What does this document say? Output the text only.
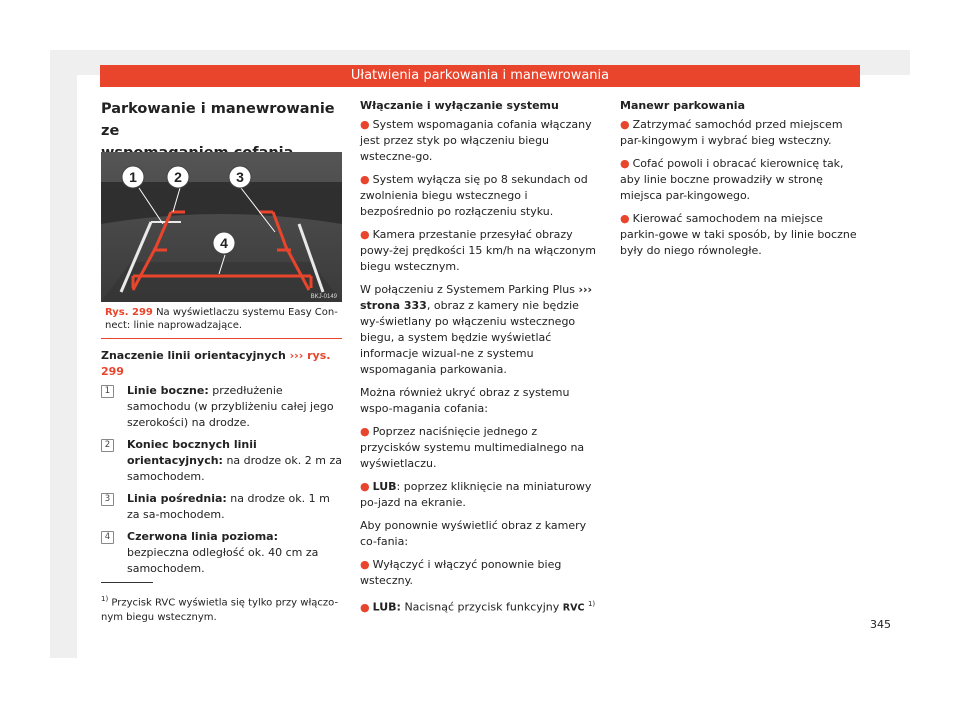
Ułatwienia parkowania i manewrowania
Parkowanie i manewrowanie ze

1	2	3
4
BKJ-0149
Rys. 299 Na wyświetlaczu systemu Easy Con-nect: linie naprowadzające.

Znaczenie linii orientacyjnych ››› rys. 299

1	Linie boczne: przedłużenie samochodu (w przybliżeniu całej jego szerokości) na drodze.
2	Koniec bocznych linii orientacyjnych: na drodze ok. 2 m za samochodem.
3	Linia pośrednia: na drodze ok. 1 m za sa-mochodem.
4	Czerwona linia pozioma: bezpieczna odległość ok. 40 cm za samochodem.
$^{1)}$ Przycisk RVC wyświetla się tylko przy włączo-nym biegu wstecznym.

Włączanie i wyłączanie systemu

● System wspomagania cofania włączany jest przez styk po włączeniu biegu wsteczne-go.

● System wyłącza się po 8 sekundach od zwolnienia biegu wstecznego i bezpośrednio po rozłączeniu styku.

● Kamera przestanie przesyłać obrazy powy-żej prędkości 15 km/h na włączonym biegu wstecznym.

W połączeniu z Systemem Parking Plus ››› strona 333, obraz z kamery nie będzie wy-świetlany po włączeniu wstecznego biegu, a system będzie wyświetlać informacje wizual-ne z systemu wspomagania parkowania.

Można również ukryć obraz z systemu wspo-magania cofania:

● Poprzez naciśnięcie jednego z przycisków systemu multimedialnego na wyświetlaczu.

● LUB: poprzez kliknięcie na miniaturowy po-jazd na ekranie.

Aby ponownie wyświetlić obraz z kamery co-fania:

● Wyłączyć i włączyć ponownie bieg wsteczny.

● LUB: Nacisnąć przycisk funkcyjny RVC $^{1)}$

Manewr parkowania

● Zatrzymać samochód przed miejscem par-kingowym i wybrać bieg wsteczny.

● Cofać powoli i obracać kierownicę tak, aby linie boczne prowadziły w stronę miejsca par-kingowego.

● Kierować samochodem na miejsce parkin-gowe w taki sposób, by linie boczne były do niego równoległe.

345
